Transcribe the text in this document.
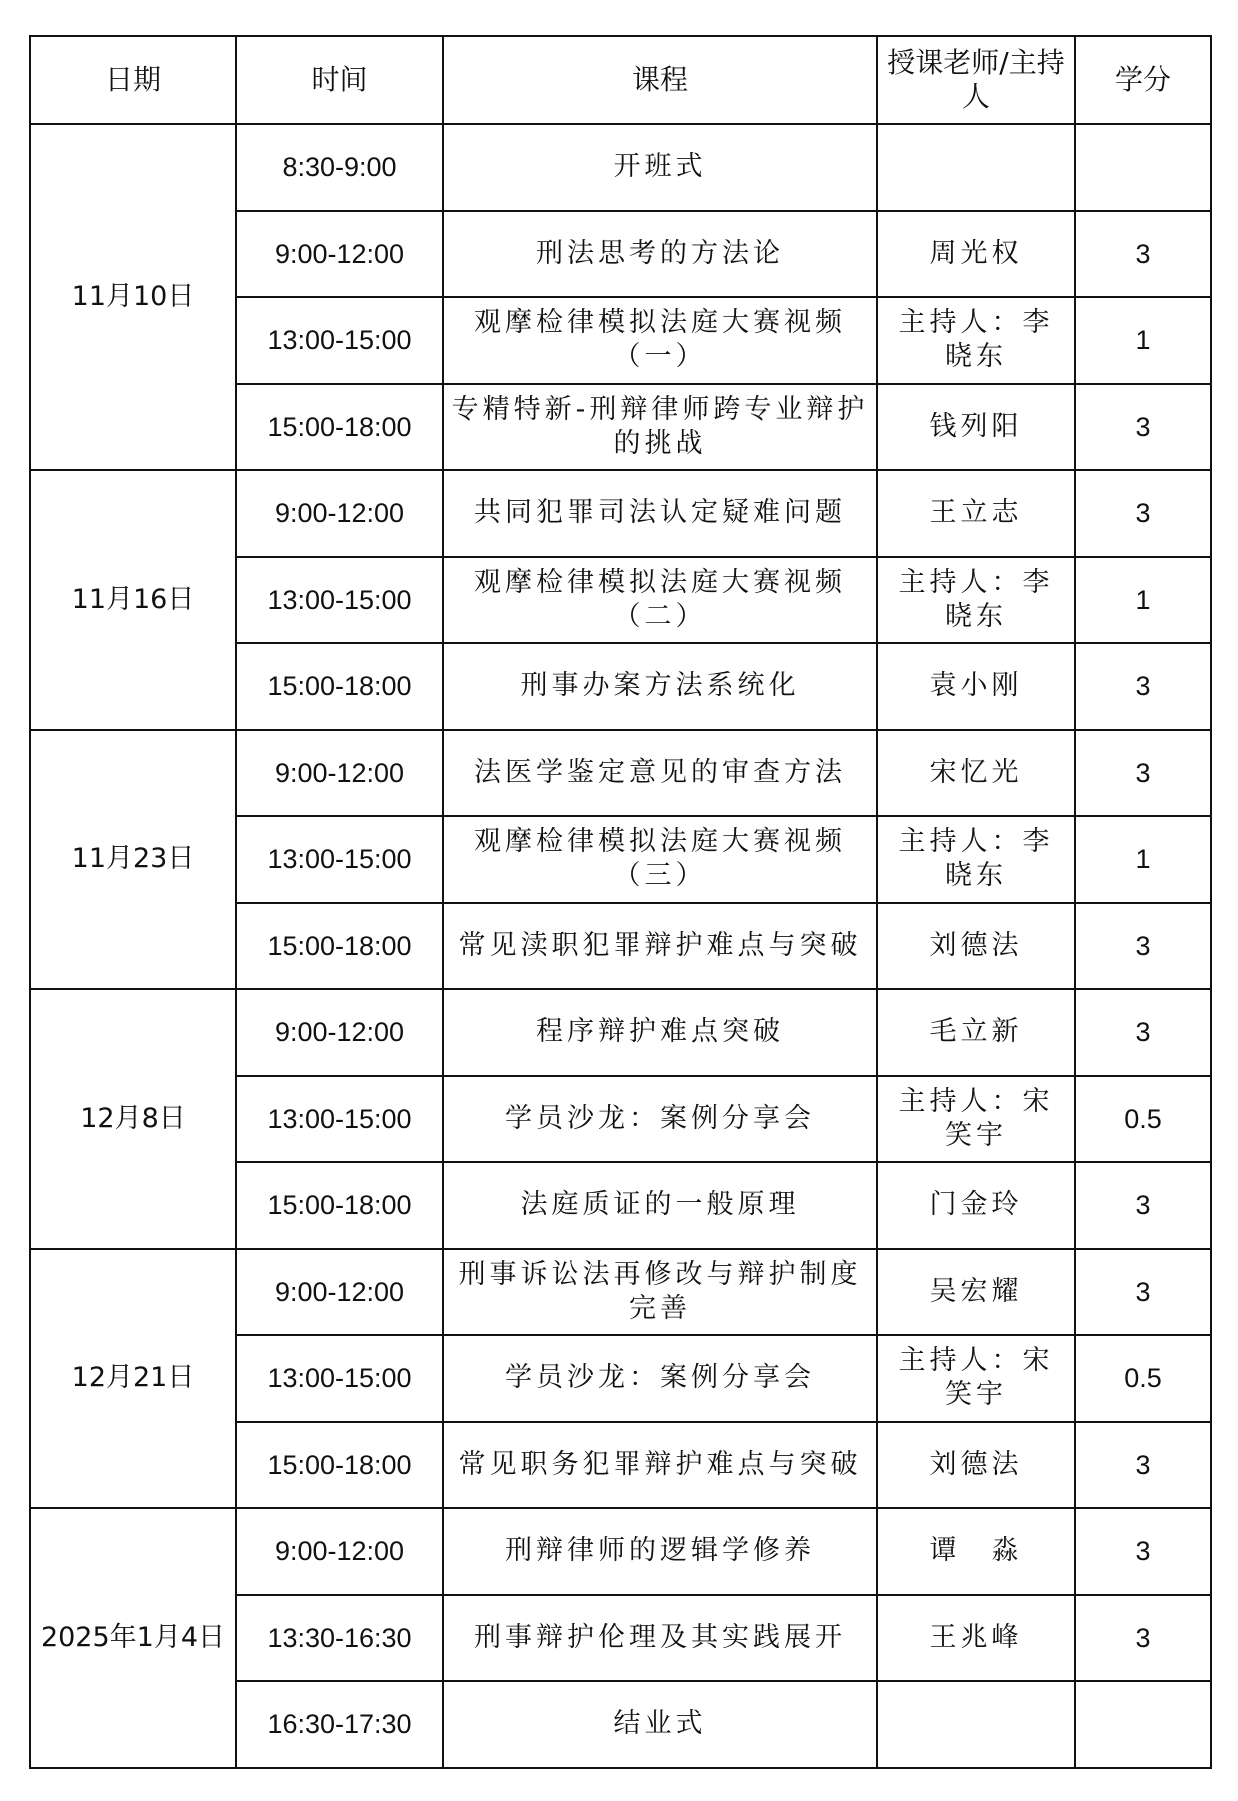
日期	时间	课程	授课老师/主持人	学分
11月10日	8:30-9:00	开班式		
	9:00-12:00	刑法思考的方法论	周光权	3
	13:00-15:00	观摩检律模拟法庭大赛视频（一）	主持人：李晓东	1
	15:00-18:00	专精特新-刑辩律师跨专业辩护的挑战	钱列阳	3
11月16日	9:00-12:00	共同犯罪司法认定疑难问题	王立志	3
	13:00-15:00	观摩检律模拟法庭大赛视频（二）	主持人：李晓东	1
	15:00-18:00	刑事办案方法系统化	袁小刚	3
11月23日	9:00-12:00	法医学鉴定意见的审查方法	宋忆光	3
	13:00-15:00	观摩检律模拟法庭大赛视频（三）	主持人：李晓东	1
	15:00-18:00	常见渎职犯罪辩护难点与突破	刘德法	3
12月8日	9:00-12:00	程序辩护难点突破	毛立新	3
	13:00-15:00	学员沙龙：案例分享会	主持人：宋笑宇	0.5
	15:00-18:00	法庭质证的一般原理	门金玲	3
12月21日	9:00-12:00	刑事诉讼法再修改与辩护制度完善	吴宏耀	3
	13:00-15:00	学员沙龙：案例分享会	主持人：宋笑宇	0.5
	15:00-18:00	常见职务犯罪辩护难点与突破	刘德法	3
2025年1月4日	9:00-12:00	刑辩律师的逻辑学修养	谭　淼	3
	13:30-16:30	刑事辩护伦理及其实践展开	王兆峰	3
	16:30-17:30	结业式		
